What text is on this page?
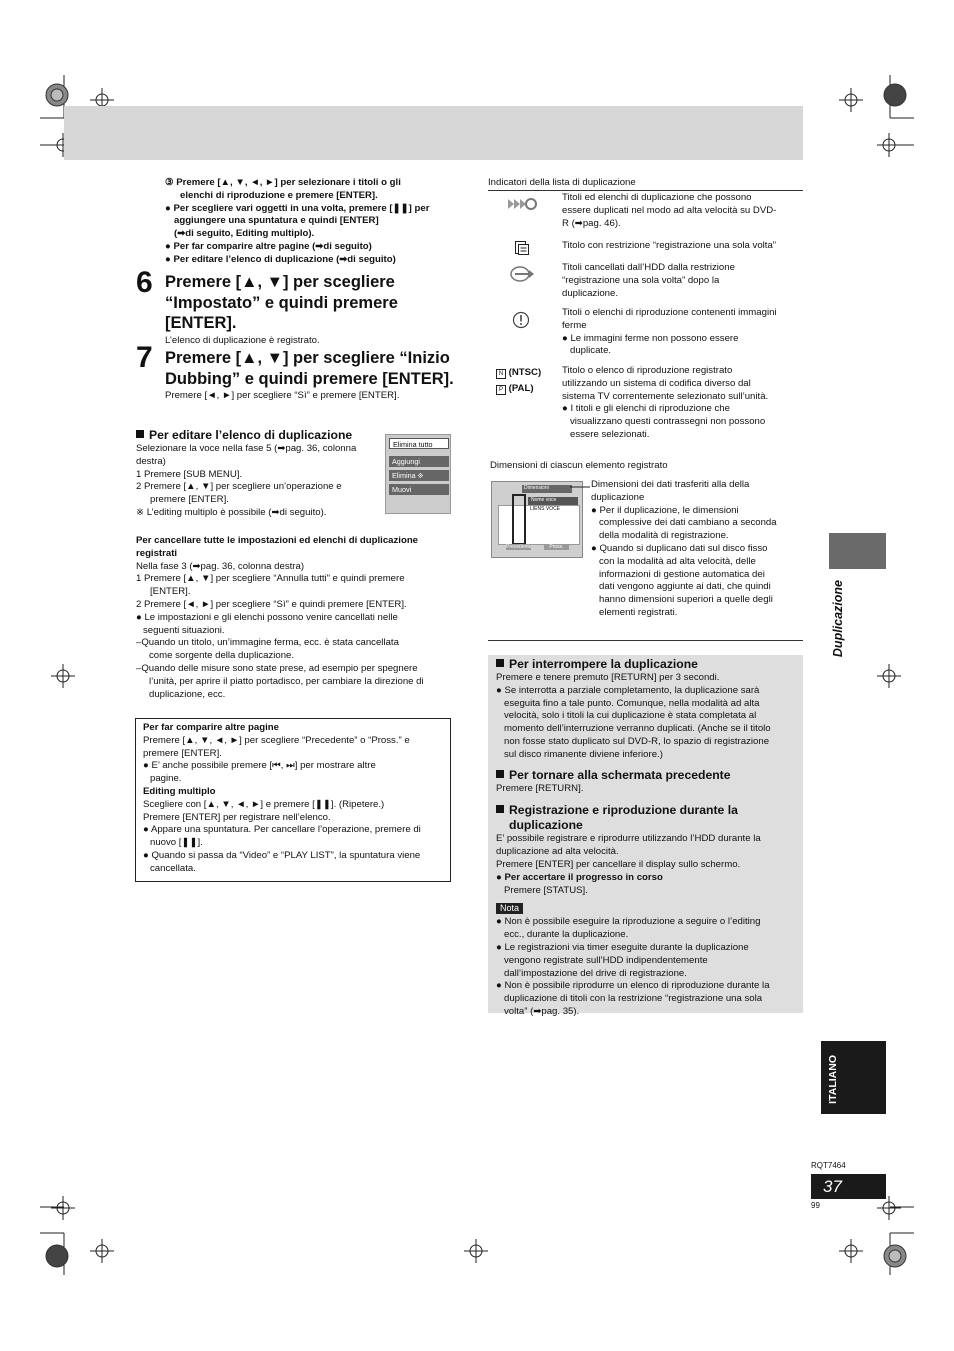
③ Premere [▲, ▼, ◄, ►] per selezionare i titoli o gli
elenchi di riproduzione e premere [ENTER].
● Per scegliere vari oggetti in una volta, premere [❚❚] per
aggiungere una spuntatura e quindi [ENTER]
(➡di seguito, Editing multiplo).
● Per far comparire altre pagine (➡di seguito)
● Per editare l’elenco di duplicazione (➡di seguito)
6 Premere [▲, ▼] per scegliere
“Impostato” e quindi premere
[ENTER].
L’elenco di duplicazione è registrato.
7 Premere [▲, ▼] per scegliere “Inizio
Dubbing” e quindi premere [ENTER].
Premere [◄, ►] per scegliere “Sì” e premere [ENTER].
Per editare l’elenco di duplicazione
Selezionare la voce nella fase 5 (➡pag. 36, colonna
destra)
1 Premere [SUB MENU].
2 Premere [▲, ▼] per scegliere un’operazione e
premere [ENTER].
※ L’editing multiplo è possibile (➡di seguito).
Elimina tutto
Aggiungi
Elimina ※
Muovi
Per cancellare tutte le impostazioni ed elenchi di duplicazione
registrati
Nella fase 3 (➡pag. 36, colonna destra)
1 Premere [▲, ▼] per scegliere “Annulla tutti” e quindi premere
[ENTER].
2 Premere [◄, ►] per scegliere “Sì” e quindi premere [ENTER].
● Le impostazioni e gli elenchi possono venire cancellati nelle
seguenti situazioni.
–Quando un titolo, un’immagine ferma, ecc. è stata cancellata
come sorgente della duplicazione.
–Quando delle misure sono state prese, ad esempio per spegnere
l’unità, per aprire il piatto portadisco, per cambiare la direzione di
duplicazione, ecc.
Per far comparire altre pagine
Premere [▲, ▼, ◄, ►] per scegliere “Precedente” o “Pross.” e
premere [ENTER].
● E’ anche possibile premere [⏮, ⏭] per mostrare altre
pagine.
Editing multiplo
Scegliere con [▲, ▼, ◄, ►] e premere [❚❚]. (Ripetere.)
Premere [ENTER] per registrare nell’elenco.
● Appare una spuntatura. Per cancellare l’operazione, premere di
nuovo [❚❚].
● Quando si passa da “Video” e “PLAY LIST”, la spuntatura viene
cancellata.
Indicatori della lista di duplicazione
N (NTSC)
P (PAL)
Titoli ed elenchi di duplicazione che possono
essere duplicati nel modo ad alta velocità su DVD-
R (➡pag. 46).
Titolo con restrizione “registrazione una sola volta”
Titoli cancellati dall’HDD dalla restrizione
“registrazione una sola volta” dopo la
duplicazione.
Titoli o elenchi di riproduzione contenenti immagini
ferme
● Le immagini ferme non possono essere
duplicate.
Titolo o elenco di riproduzione registrato
utilizzando un sistema di codifica diverso dal
sistema TV correntemente selezionato sull’unità.
● I titoli e gli elenchi di riproduzione che
visualizzano questi contrassegni non possono
essere selezionati.
Dimensioni di ciascun elemento registrato
Dimensioni
Nome voce
LIENS VOCE
Precedente	Pross.
Dimensioni dei dati trasferiti alla della
duplicazione
● Per il duplicazione, le dimensioni
complessive dei dati cambiano a seconda
della modalità di registrazione.
● Quando si duplicano dati sul disco fisso
con la modalità ad alta velocità, delle
informazioni di gestione automatica dei
dati vengono aggiunte ai dati, che quindi
hanno dimensioni superiori a quelle degli
elementi registrati.
Per interrompere la duplicazione
Premere e tenere premuto [RETURN] per 3 secondi.
● Se interrotta a parziale completamento, la duplicazione sarà
eseguita fino a tale punto. Comunque, nella modalità ad alta
velocità, solo i titoli la cui duplicazione è stata completata al
momento dell’interruzione verranno duplicati. (Anche se il titolo
non fosse stato duplicato sul DVD-R, lo spazio di registrazione
sul disco rimanente diviene inferiore.)
Per tornare alla schermata precedente
Premere [RETURN].
Registrazione e riproduzione durante la
duplicazione
E’ possibile registrare e riprodurre utilizzando l’HDD durante la
duplicazione ad alta velocità.
Premere [ENTER] per cancellare il display sullo schermo.
● Per accertare il progresso in corso
Premere [STATUS].
Nota
● Non è possibile eseguire la riproduzione a seguire o l’editing
ecc., durante la duplicazione.
● Le registrazioni via timer eseguite durante la duplicazione
vengono registrate sull’HDD indipendentemente
dall’impostazione del drive di registrazione.
● Non è possibile riprodurre un elenco di riproduzione durante la
duplicazione di titoli con la restrizione “registrazione una sola
volta” (➡pag. 35).
Duplicazione
ITALIANO
RQT7464
37
99
